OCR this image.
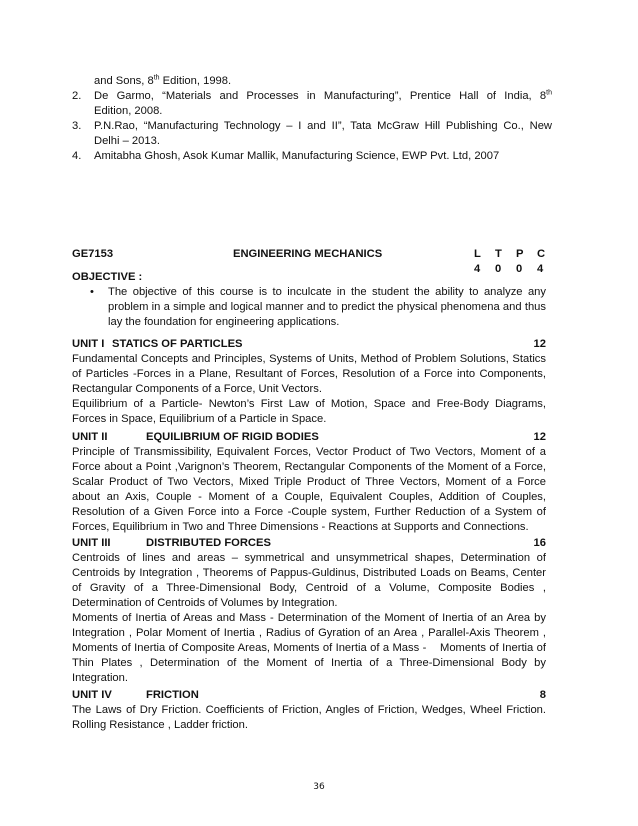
and Sons, 8th Edition, 1998.
2.	De Garmo, “Materials and Processes in Manufacturing”, Prentice Hall of India, 8th
Edition, 2008.
3.	P.N.Rao, “Manufacturing Technology – I and II”, Tata McGraw Hill Publishing Co., New
Delhi – 2013.
4.	Amitabha Ghosh, Asok Kumar Mallik, Manufacturing Science, EWP Pvt. Ltd, 2007
GE7153	ENGINEERING MECHANICS	L T P C
4 0 0 4
OBJECTIVE :
• The objective of this course is to inculcate in the student the ability to analyze any problem in a simple and logical manner and to predict the physical phenomena and thus lay the foundation for engineering applications.
UNIT I STATICS OF PARTICLES	12
Fundamental Concepts and Principles, Systems of Units, Method of Problem Solutions, Statics of Particles -Forces in a Plane, Resultant of Forces, Resolution of a Force into Components, Rectangular Components of a Force, Unit Vectors.
Equilibrium of a Particle- Newton’s First Law of Motion, Space and Free-Body Diagrams, Forces in Space, Equilibrium of a Particle in Space.
UNIT II	EQUILIBRIUM OF RIGID BODIES	12
Principle of Transmissibility, Equivalent Forces, Vector Product of Two Vectors, Moment of a Force about a Point ,Varignon’s Theorem, Rectangular Components of the Moment of a Force, Scalar Product of Two Vectors, Mixed Triple Product of Three Vectors, Moment of a Force about an Axis, Couple - Moment of a Couple, Equivalent Couples, Addition of Couples, Resolution of a Given Force into a Force -Couple system, Further Reduction of a System of Forces, Equilibrium in Two and Three Dimensions - Reactions at Supports and Connections.
UNIT III	DISTRIBUTED FORCES	16
Centroids of lines and areas – symmetrical and unsymmetrical shapes, Determination of Centroids by Integration , Theorems of Pappus-Guldinus, Distributed Loads on Beams, Center of Gravity of a Three-Dimensional Body, Centroid of a Volume, Composite Bodies , Determination of Centroids of Volumes by Integration.
Moments of Inertia of Areas and Mass - Determination of the Moment of Inertia of an Area by Integration , Polar Moment of Inertia , Radius of Gyration of an Area , Parallel-Axis Theorem , Moments of Inertia of Composite Areas, Moments of Inertia of a Mass -    Moments of Inertia of Thin Plates , Determination of the Moment of Inertia of a Three-Dimensional Body by Integration.
UNIT IV	FRICTION	8
The Laws of Dry Friction. Coefficients of Friction, Angles of Friction, Wedges, Wheel Friction. Rolling Resistance , Ladder friction.
36
